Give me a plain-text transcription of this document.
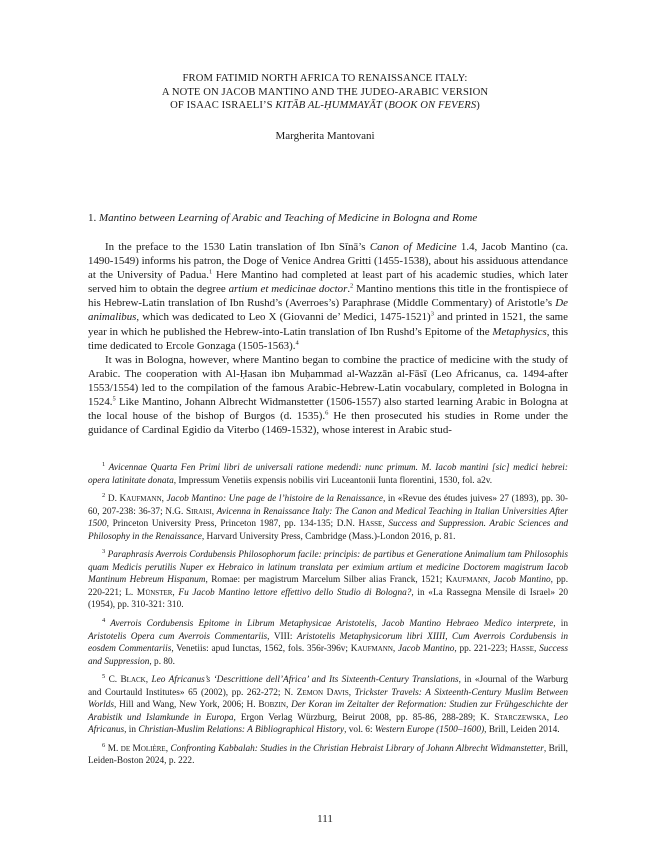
FROM FATIMID NORTH AFRICA TO RENAISSANCE ITALY:
A NOTE ON JACOB MANTINO AND THE JUDEO-ARABIC VERSION
OF ISAAC ISRAELI’S KITĀB AL-ḤUMMAYĀT (BOOK ON FEVERS)
Margherita Mantovani
1. Mantino between Learning of Arabic and Teaching of Medicine in Bologna and Rome

In the preface to the 1530 Latin translation of Ibn Sīnā’s Canon of Medicine 1.4, Jacob Mantino (ca. 1490-1549) informs his patron, the Doge of Venice Andrea Gritti (1455-1538), about his assiduous attendance at the University of Padua.$^1$ Here Mantino had completed at least part of his academic studies, which later served him to obtain the degree artium et medicinae doctor.$^2$ Mantino mentions this title in the frontispiece of his Hebrew-Latin translation of Ibn Rushd’s (Averroes’s) Paraphrase (Middle Commentary) of Aristotle’s De animalibus, which was dedicated to Leo X (Giovanni de’ Medici, 1475-1521)$^3$ and printed in 1521, the same year in which he published the Hebrew-into-Latin translation of Ibn Rushd’s Epitome of the Metaphysics, this time dedicated to Ercole Gonzaga (1505-1563).$^4$

It was in Bologna, however, where Mantino began to combine the practice of medicine with the study of Arabic. The cooperation with Al-Ḥasan ibn Muḥammad al-Wazzān al-Fāsī (Leo Africanus, ca. 1494-after 1553/1554) led to the compilation of the famous Arabic-Hebrew-Latin vocabulary, completed in Bologna in 1524.$^5$ Like Mantino, Johann Albrecht Widmanstetter (1506-1557) also started learning Arabic in Bologna at the local house of the bishop of Burgos (d. 1535).$^6$ He then prosecuted his studies in Rome under the guidance of Cardinal Egidio da Viterbo (1469-1532), whose interest in Arabic stud-

$^1$ Avicennae Quarta Fen Primi libri de universali ratione medendi: nunc primum. M. Iacob mantini [sic] medici hebrei: opera latinitate donata, Impressum Venetiis expensis nobilis viri Luceantonii Iunta florentini, 1530, fol. a2v.

$^2$ D. Kaufmann, Jacob Mantino: Une page de l’histoire de la Renaissance, in «Revue des études juives» 27 (1893), pp. 30-60, 207-238: 36-37; N.G. Siraisi, Avicenna in Renaissance Italy: The Canon and Medical Teaching in Italian Universities After 1500, Princeton University Press, Princeton 1987, pp. 134-135; D.N. Hasse, Success and Suppression. Arabic Sciences and Philosophy in the Renaissance, Harvard University Press, Cambridge (Mass.)-London 2016, p. 81.

$^3$ Paraphrasis Averrois Cordubensis Philosophorum facile: principis: de partibus et Generatione Animalium tam Philosophis quam Medicis perutilis Nuper ex Hebraico in latinum translata per eximium artium et medicine Doctorem magistrum Iacob Mantinum Hebreum Hispanum, Romae: per magistrum Marcelum Silber alias Franck, 1521; Kaufmann, Jacob Mantino, pp. 220-221; L. Münster, Fu Jacob Mantino lettore effettivo dello Studio di Bologna?, in «La Rassegna Mensile di Israel» 20 (1954), pp. 310-321: 310.

$^4$ Averrois Cordubensis Epitome in Librum Metaphysicae Aristotelis, Jacob Mantino Hebraeo Medico interprete, in Aristotelis Opera cum Averrois Commentariis, VIII: Aristotelis Metaphysicorum libri XIIII, Cum Averrois Cordubensis in eosdem Commentariis, Venetiis: apud Iunctas, 1562, fols. 356r-396v; Kaufmann, Jacob Mantino, pp. 221-223; Hasse, Success and Suppression, p. 80.

$^5$ C. Black, Leo Africanus’s ‘Descrittione dell’Africa’ and Its Sixteenth-Century Translations, in «Journal of the Warburg and Courtauld Institutes» 65 (2002), pp. 262-272; N. Zemon Davis, Trickster Travels: A Sixteenth-Century Muslim Between Worlds, Hill and Wang, New York, 2006; H. Bobzin, Der Koran im Zeitalter der Reformation: Studien zur Frühgeschichte der Arabistik und Islamkunde in Europa, Ergon Verlag Würzburg, Beirut 2008, pp. 85-86, 288-289; K. Starczewska, Leo Africanus, in Christian-Muslim Relations: A Bibliographical History, vol. 6: Western Europe (1500–1600), Brill, Leiden 2014.

$^6$ M. de Molière, Confronting Kabbalah: Studies in the Christian Hebraist Library of Johann Albrecht Widmanstetter, Brill, Leiden-Boston 2024, p. 222.

111
